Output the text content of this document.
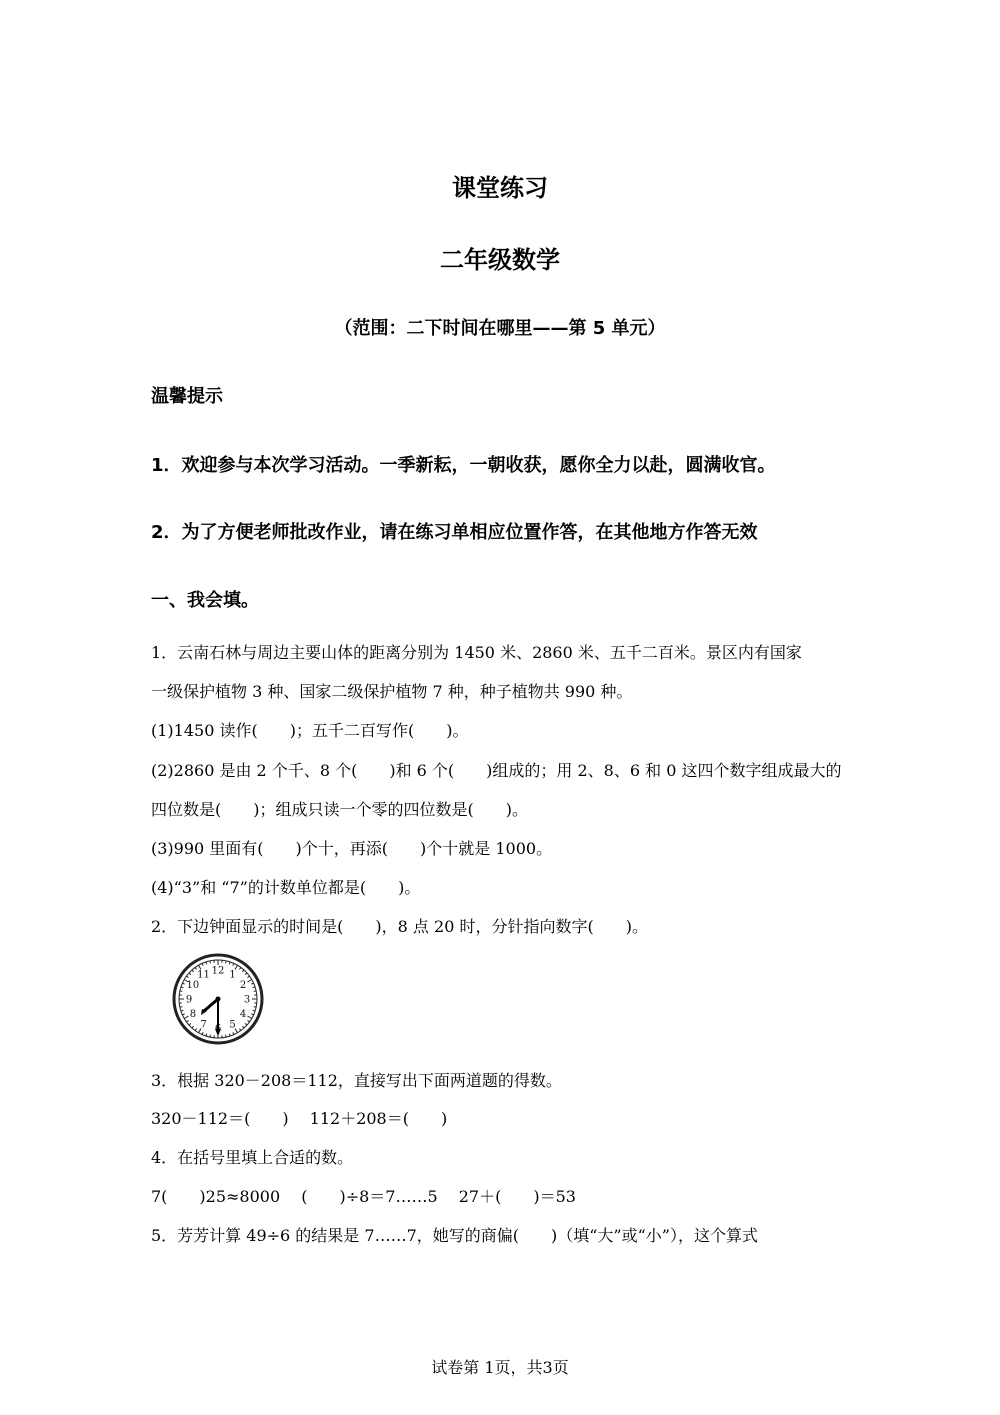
课堂练习
二年级数学
（范围：二下时间在哪里——第 5 单元）
温馨提示
1．欢迎参与本次学习活动。一季新耘，一朝收获，愿你全力以赴，圆满收官。
2．为了方便老师批改作业，请在练习单相应位置作答，在其他地方作答无效
一、我会填。
1．云南石林与周边主要山体的距离分别为 1450 米、2860 米、五千二百米。景区内有国家
一级保护植物 3 种、国家二级保护植物 7 种，种子植物共 990 种。
(1)1450 读作(　　)；五千二百写作(　　)。
(2)2860 是由 2 个千、8 个(　　)和 6 个(　　)组成的；用 2、8、6 和 0 这四个数字组成最大的
四位数是(　　)；组成只读一个零的四位数是(　　)。
(3)990 里面有(　　)个十，再添(　　)个十就是 1000。
(4)“3”和 “7”的计数单位都是(　　)。
2．下边钟面显示的时间是(　　)，8 点 20 时，分针指向数字(　　)。
12 1
2
3
4
5
7
8
9
10
11
3．根据 320－208＝112，直接写出下面两道题的得数。
320－112＝(　　)　 112＋208＝(　　)
4．在括号里填上合适的数。
7(　　)25≈8000　 (　　)÷8＝7……5　 27＋(　　)＝53
5．芳芳计算 49÷6 的结果是 7……7，她写的商偏(　　)（填“大”或“小”），这个算式
试卷第 1页，共3页
